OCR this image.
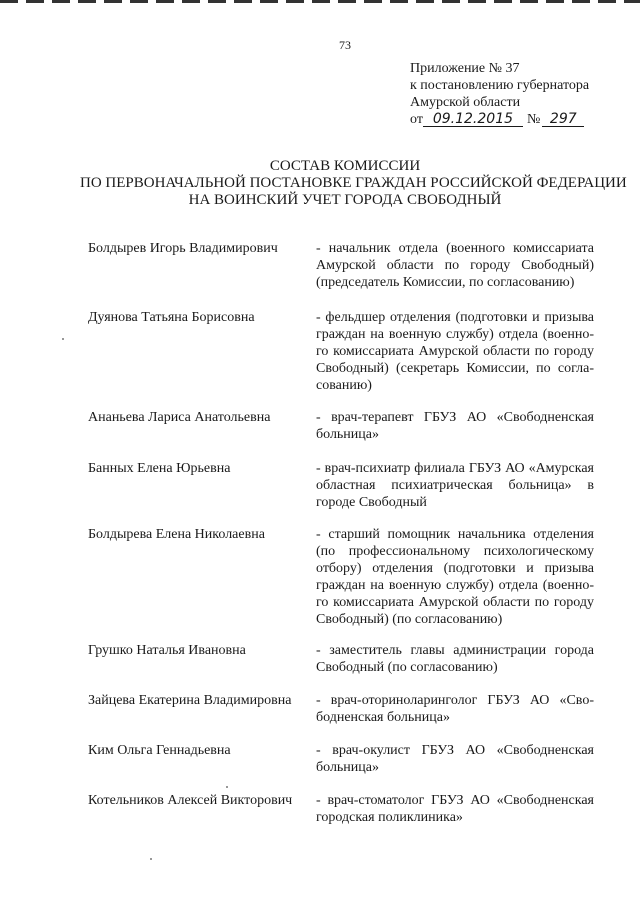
73
Приложение № 37
к постановлению губернатора
Амурской области
от 09.12.2015 № 297
СОСТАВ КОМИССИИ
ПО ПЕРВОНАЧАЛЬНОЙ ПОСТАНОВКЕ ГРАЖДАН РОССИЙСКОЙ ФЕДЕРАЦИИ
НА ВОИНСКИЙ УЧЕТ ГОРОДА СВОБОДНЫЙ
Болдырев Игорь Владимирович	- начальник отдела (военного комиссариата Амурской области по городу Свободный) (председатель Комиссии, по согласованию)
Дуянова Татьяна Борисовна	- фельдшер отделения (подготовки и призыва граждан на военную службу) отдела (военного комиссариата Амурской области по городу Свободный) (секретарь Комиссии, по согласованию)
Ананьева Лариса Анатольевна	- врач-терапевт ГБУЗ АО «Свободненская больница»
Банных Елена Юрьевна	- врач-психиатр филиала ГБУЗ АО «Амурская областная психиатрическая больница» в городе Свободный
Болдырева Елена Николаевна	- старший помощник начальника отделения (по профессиональному психологическому отбору) отделения (подготовки и призыва граждан на военную службу) отдела (военного комиссариата Амурской области по городу Свободный) (по согласованию)
Грушко Наталья Ивановна	- заместитель главы администрации города Свободный (по согласованию)
Зайцева Екатерина Владимировна	- врач-оториноларинголог ГБУЗ АО «Свободненская больница»
Ким Ольга Геннадьевна	- врач-окулист ГБУЗ АО «Свободненская больница»
Котельников Алексей Викторович	- врач-стоматолог ГБУЗ АО «Свободненская городская поликлиника»
